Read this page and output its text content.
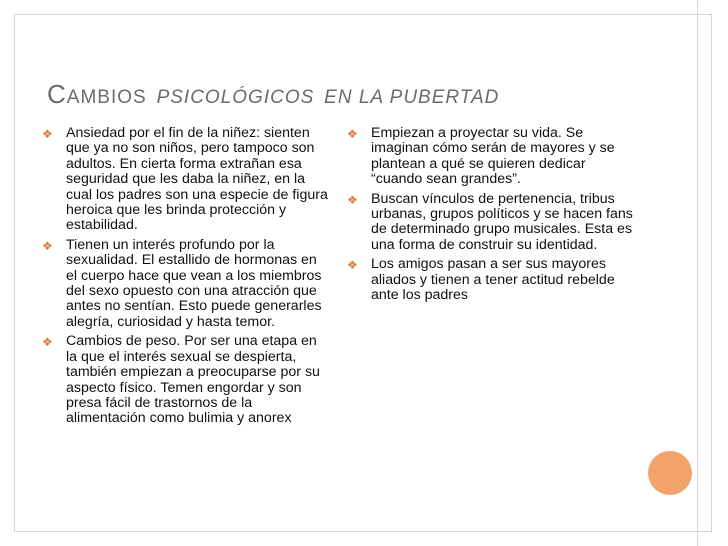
CAMBIOS PSICOLÓGICOS EN LA PUBERTAD
❖ Ansiedad por el fin de la niñez: sienten que ya no son niños, pero tampoco son adultos. En cierta forma extrañan esa seguridad que les daba la niñez, en la cual los padres son una especie de figura heroica que les brinda protección y estabilidad.
❖ Tienen un interés profundo por la sexualidad. El estallido de hormonas en el cuerpo hace que vean a los miembros del sexo opuesto con una atracción que antes no sentían. Esto puede generarles alegría, curiosidad y hasta temor.
❖ Cambios de peso. Por ser una etapa en la que el interés sexual se despierta, también empiezan a preocuparse por su aspecto físico. Temen engordar y son presa fácil de trastornos de la alimentación como bulimia y anorex
❖ Empiezan a proyectar su vida. Se imaginan cómo serán de mayores y se plantean a qué se quieren dedicar “cuando sean grandes”.
❖ Buscan vínculos de pertenencia, tribus urbanas, grupos políticos y se hacen fans de determinado grupo musicales. Esta es una forma de construir su identidad.
❖ Los amigos pasan a ser sus mayores aliados y tienen a tener actitud rebelde ante los padres
